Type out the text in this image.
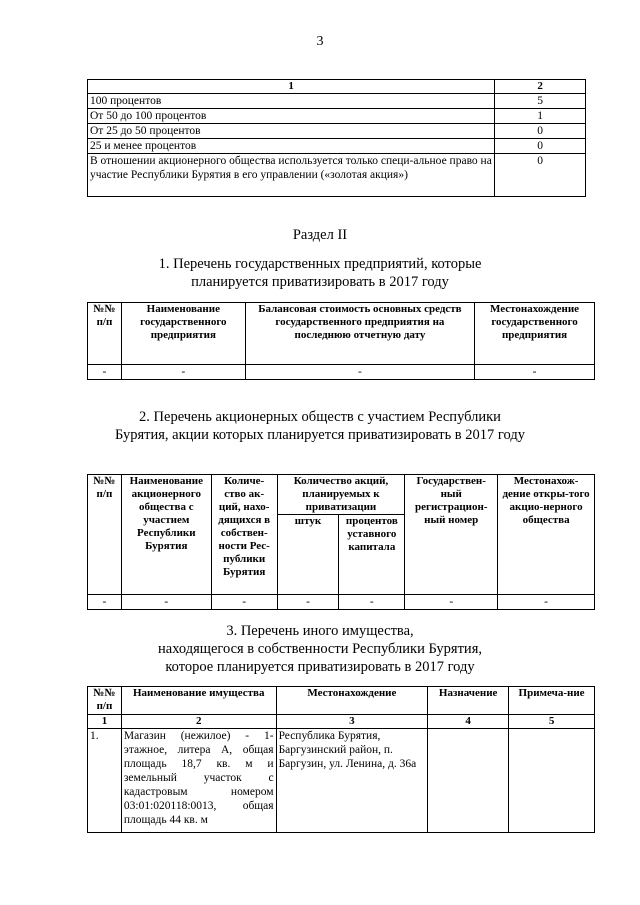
3
1	2
100 процентов	5
От 50 до 100 процентов	1
От 25 до 50 процентов	0
25 и менее процентов	0
В отношении акционерного общества используется только специ-альное право на участие Республики Бурятия в его управлении («золотая акция»)	0
Раздел II
1. Перечень государственных предприятий, которые
планируется приватизировать в 2017 году
№№ п/п	Наименование государственного предприятия	Балансовая стоимость основных средств государственного предприятия на последнюю отчетную дату	Местонахождение государственного предприятия
-	-	-	-
2. Перечень акционерных обществ с участием Республики
Бурятия, акции которых планируется приватизировать в 2017 году
№№ п/п	Наименование акционерного общества с участием Республики Бурятия	Количе-ство ак-ций, нахо-дящихся в собствен-ности Рес-публики Бурятия	Количество акций, планируемых к приватизации		Государствен-ный регистрацион-ный номер	Местонахож-дение откры-того акцио-нерного общества
			штук	процентов уставного капитала		
-	-	-	-	-	-	-
3. Перечень иного имущества,
находящегося в собственности Республики Бурятия,
которое планируется приватизировать в 2017 году
№№ п/п	Наименование имущества	Местонахождение	Назначение	Примеча-ние
1	2	3	4	5
1.	Магазин (нежилое) - 1-этажное, литера А, общая площадь 18,7 кв. м и земельный участок с кадастровым номером 03:01:020118:0013, общая площадь 44 кв. м	Республика Бурятия, Баргузинский район, п. Баргузин, ул. Ленина, д. 36а		
